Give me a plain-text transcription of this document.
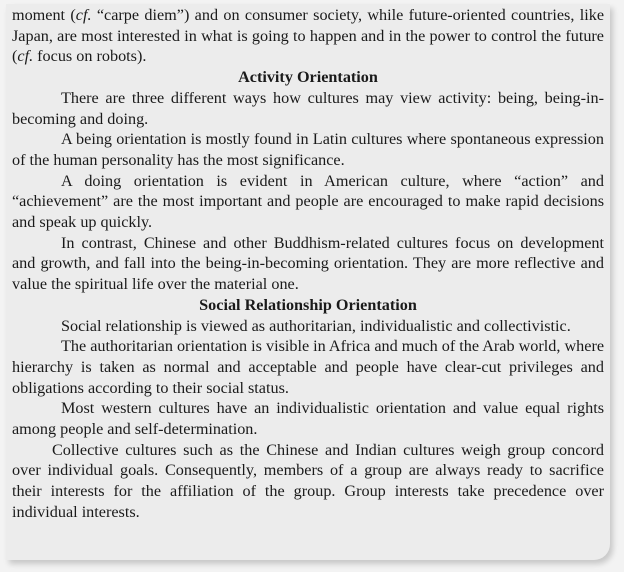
moment (cf. “carpe diem”) and on consumer society, while future-oriented countries, like Japan, are most interested in what is going to happen and in the power to control the future (cf. focus on robots).

Activity Orientation

There are three different ways how cultures may view activity: being, being-in-becoming and doing.

A being orientation is mostly found in Latin cultures where spontaneous expression of the human personality has the most significance.

A doing orientation is evident in American culture, where “action” and “achievement” are the most important and people are encouraged to make rapid decisions and speak up quickly.

In contrast, Chinese and other Buddhism-related cultures focus on development and growth, and fall into the being-in-becoming orientation. They are more reflective and value the spiritual life over the material one.

Social Relationship Orientation

Social relationship is viewed as authoritarian, individualistic and collectivistic.

The authoritarian orientation is visible in Africa and much of the Arab world, where hierarchy is taken as normal and acceptable and people have clear-cut privileges and obligations according to their social status.

Most western cultures have an individualistic orientation and value equal rights among people and self-determination.

Collective cultures such as the Chinese and Indian cultures weigh group concord over individual goals. Consequently, members of a group are always ready to sacrifice their interests for the affiliation of the group. Group interests take precedence over individual interests.
